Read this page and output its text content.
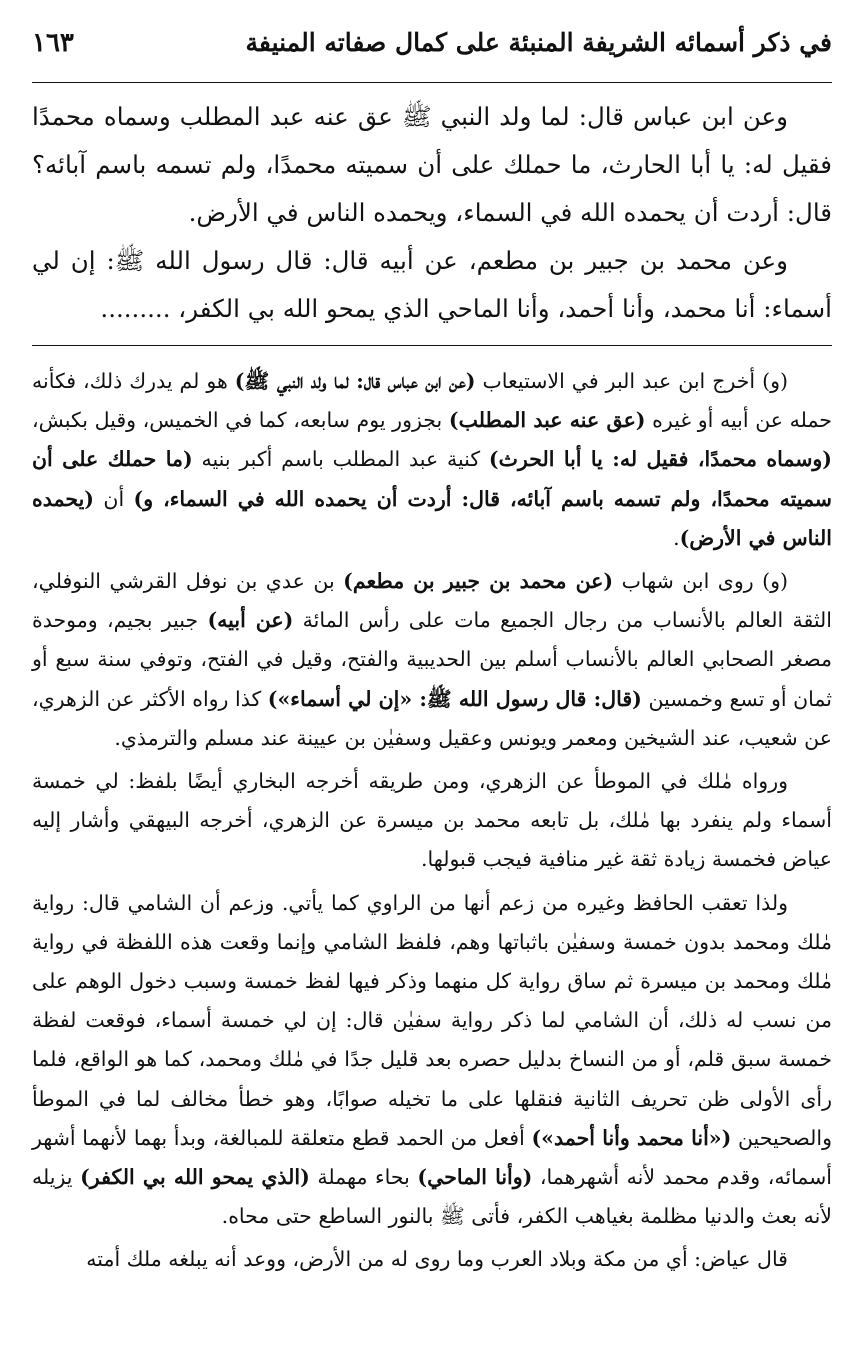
في ذكر أسمائه الشريفة المنبئة على كمال صفاته المنيفة
١٦٣

وعن ابن عباس قال: لما ولد النبي ﷺ عق عنه عبد المطلب وسماه محمدًا فقيل له: يا أبا الحارث، ما حملك على أن سميته محمدًا، ولم تسمه باسم آبائه؟ قال: أردت أن يحمده الله في السماء، ويحمده الناس في الأرض.

وعن محمد بن جبير بن مطعم، عن أبيه قال: قال رسول الله ﷺ: إن لي أسماء: أنا محمد، وأنا أحمد، وأنا الماحي الذي يمحو الله بي الكفر، .........

(و) أخرج ابن عبد البر في الاستيعاب (عن ابن عباس قال: لما ولد النبي ﷺ) هو لم يدرك ذلك، فكأنه حمله عن أبيه أو غيره (عق عنه عبد المطلب) بجزور يوم سابعه، كما في الخميس، وقيل بكبش، (وسماه محمدًا، فقيل له: يا أبا الحرث) كنية عبد المطلب باسم أكبر بنيه (ما حملك على أن سميته محمدًا، ولم تسمه باسم آبائه، قال: أردت أن يحمده الله في السماء، و) أن (يحمده الناس في الأرض).

(و) روى ابن شهاب (عن محمد بن جبير بن مطعم) بن عدي بن نوفل القرشي النوفلي، الثقة العالم بالأنساب من رجال الجميع مات على رأس المائة (عن أبيه) جبير بجيم، وموحدة مصغر الصحابي العالم بالأنساب أسلم بين الحديبية والفتح، وقيل في الفتح، وتوفي سنة سبع أو ثمان أو تسع وخمسين (قال: قال رسول الله ﷺ: «إن لي أسماء») كذا رواه الأكثر عن الزهري، عن شعيب، عند الشيخين ومعمر ويونس وعقيل وسفيٰن بن عيينة عند مسلم والترمذي.

ورواه مٰلك في الموطأ عن الزهري، ومن طريقه أخرجه البخاري أيضًا بلفظ: لي خمسة أسماء ولم ينفرد بها مٰلك، بل تابعه محمد بن ميسرة عن الزهري، أخرجه البيهقي وأشار إليه عياض فخمسة زيادة ثقة غير منافية فيجب قبولها.

ولذا تعقب الحافظ وغيره من زعم أنها من الراوي كما يأتي. وزعم أن الشامي قال: رواية مٰلك ومحمد بدون خمسة وسفيٰن باثباتها وهم، فلفظ الشامي وإنما وقعت هذه اللفظة في رواية مٰلك ومحمد بن ميسرة ثم ساق رواية كل منهما وذكر فيها لفظ خمسة وسبب دخول الوهم على من نسب له ذلك، أن الشامي لما ذكر رواية سفيٰن قال: إن لي خمسة أسماء، فوقعت لفظة خمسة سبق قلم، أو من النساخ بدليل حصره بعد قليل جدًا في مٰلك ومحمد، كما هو الواقع، فلما رأى الأولى ظن تحريف الثانية فنقلها على ما تخيله صوابًا، وهو خطأ مخالف لما في الموطأ والصحيحين («أنا محمد وأنا أحمد») أفعل من الحمد قطع متعلقة للمبالغة، وبدأ بهما لأنهما أشهر أسمائه، وقدم محمد لأنه أشهرهما، (وأنا الماحي) بحاء مهملة (الذي يمحو الله بي الكفر) يزيله لأنه بعث والدنيا مظلمة بغياهب الكفر، فأتى ﷺ بالنور الساطع حتى محاه.

قال عياض: أي من مكة وبلاد العرب وما روى له من الأرض، ووعد أنه يبلغه ملك أمته
